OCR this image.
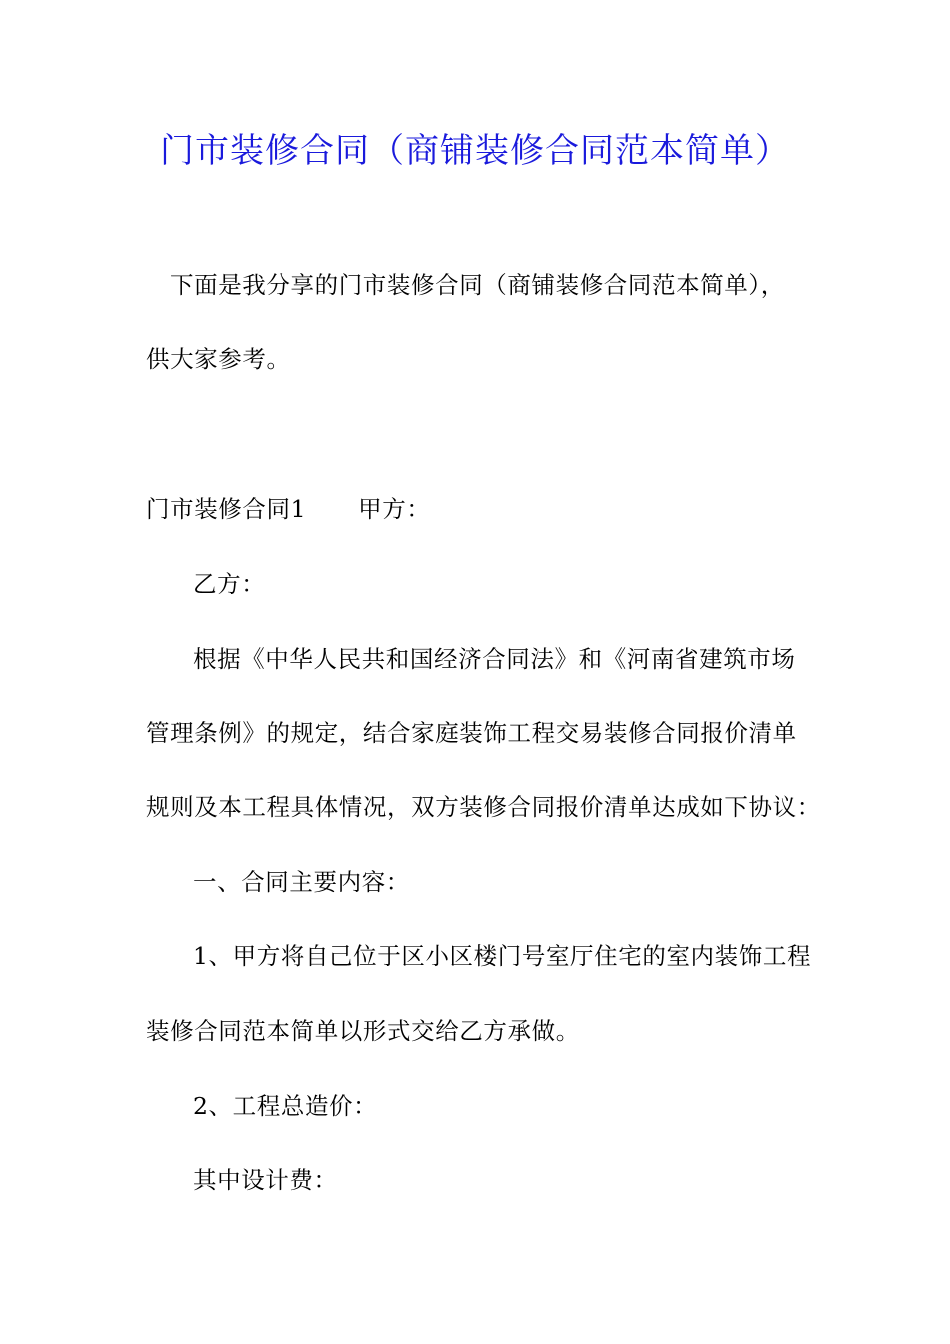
门市装修合同（商铺装修合同范本简单）
下面是我分享的门市装修合同（商铺装修合同范本简单），
供大家参考。
门市装修合同1 甲方：
乙方：
根据《中华人民共和国经济合同法》和《河南省建筑市场
管理条例》的规定，结合家庭装饰工程交易装修合同报价清单
规则及本工程具体情况，双方装修合同报价清单达成如下协议：
一、合同主要内容：
1、甲方将自己位于区小区楼门号室厅住宅的室内装饰工程
装修合同范本简单以形式交给乙方承做。
2、工程总造价：
其中设计费：
